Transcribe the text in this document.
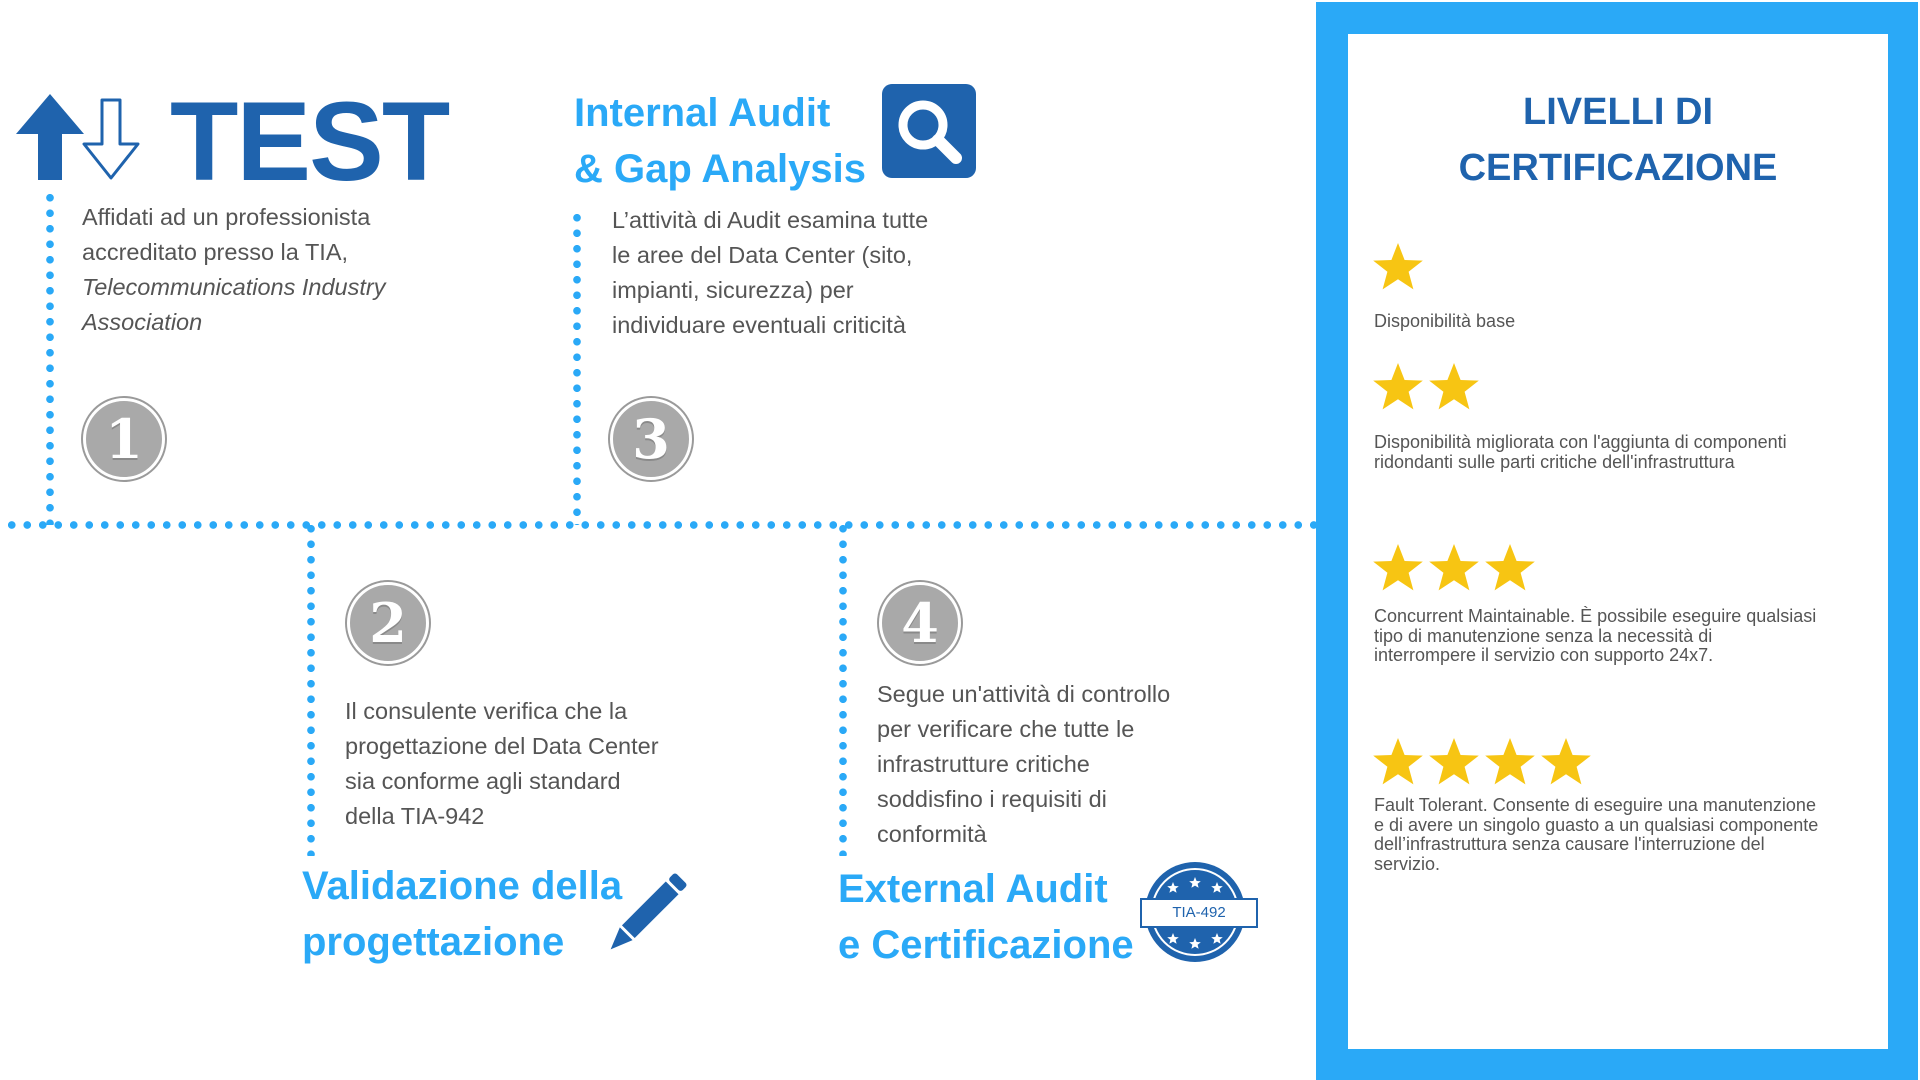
TEST
Affidati ad un professionista
accreditato presso la TIA,
Telecommunications Industry
Association
1
Internal Audit
& Gap Analysis
L’attività di Audit esamina tutte
le aree del Data Center (sito,
impianti, sicurezza) per
individuare eventuali criticità
3
2
Il consulente verifica che la
progettazione del Data Center
sia conforme agli standard
della TIA-942
Validazione della
progettazione
4
Segue un'attività di controllo
per verificare che tutte le
infrastrutture critiche
soddisfino i requisiti di
conformità
External Audit
e Certificazione
TIA-492
LIVELLI DI
CERTIFICAZIONE
Disponibilità base
Disponibilità migliorata con l'aggiunta di componenti
ridondanti sulle parti critiche dell'infrastruttura
Concurrent Maintainable. È possibile eseguire qualsiasi
tipo di manutenzione senza la necessità di
interrompere il servizio con supporto 24x7.
Fault Tolerant. Consente di eseguire una manutenzione
e di avere un singolo guasto a un qualsiasi componente
dell’infrastruttura senza causare l'interruzione del
servizio.
